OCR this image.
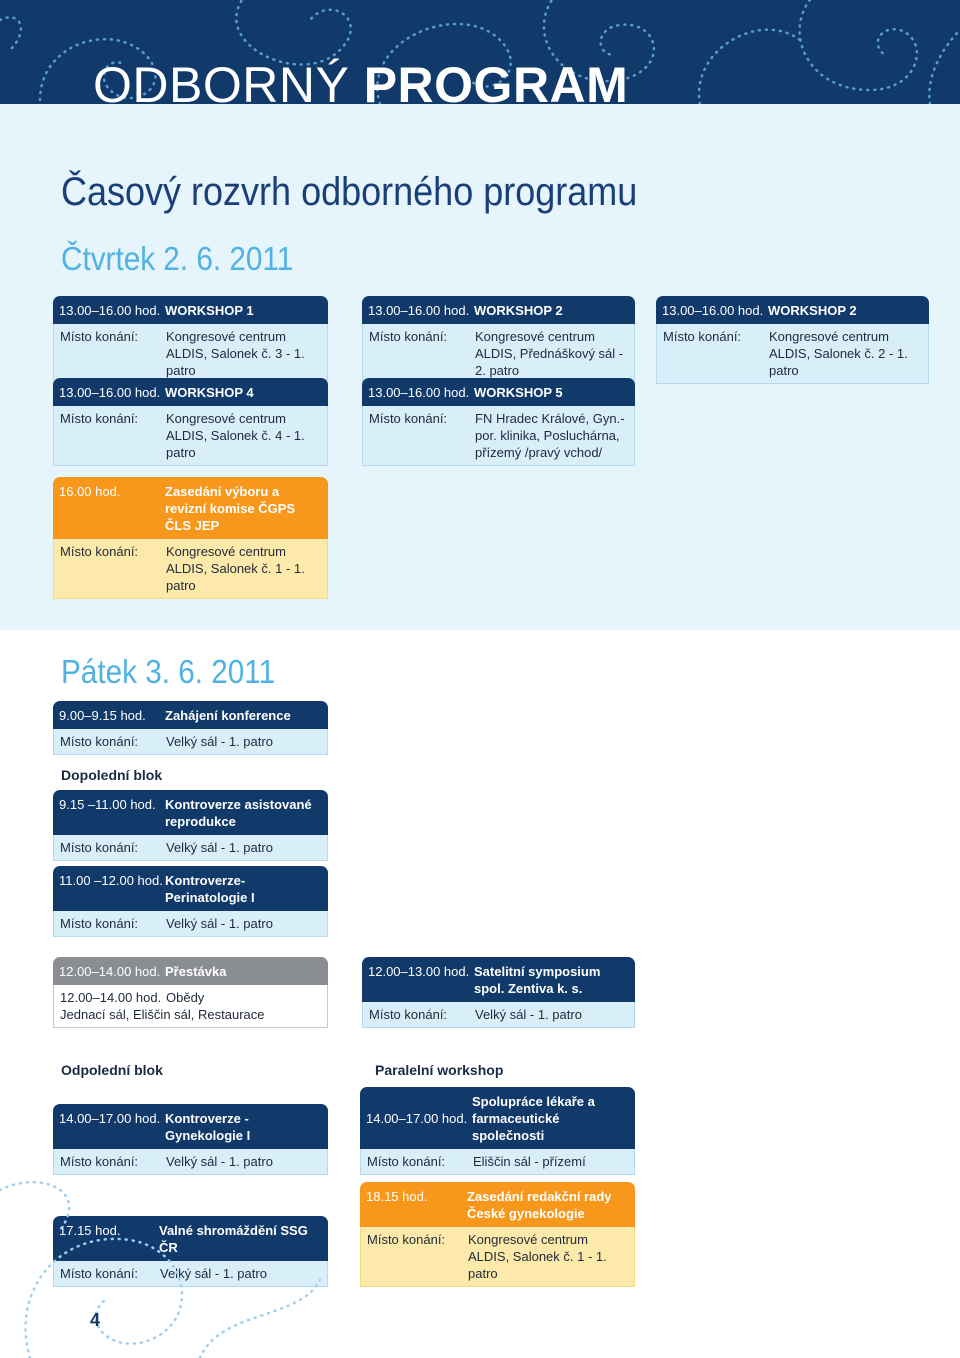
ODBORNÝ PROGRAM
Časový rozvrh odborného programu
Čtvrtek 2. 6. 2011
13.00–16.00 hod. WORKSHOP 1
Místo konání:	Kongresové centrum ALDIS, Salonek č. 3 - 1. patro
13.00–16.00 hod. WORKSHOP 2
Místo konání:	Kongresové centrum ALDIS, Přednáškový sál - 2. patro
13.00–16.00 hod. WORKSHOP 2
Místo konání:	Kongresové centrum ALDIS, Salonek č. 2 - 1. patro
13.00–16.00 hod. WORKSHOP 4
Místo konání:	Kongresové centrum ALDIS, Salonek č. 4 - 1. patro
13.00–16.00 hod. WORKSHOP 5
Místo konání:	FN Hradec Králové, Gyn.-por. klinika, Posluchárna, přízemý /pravý vchod/
16.00 hod.	Zasedání výboru a revizní komise ČGPS ČLS JEP
Místo konání:	Kongresové centrum ALDIS, Salonek č. 1 - 1. patro
Pátek 3. 6. 2011
9.00–9.15 hod.	Zahájení konference
Místo konání:	Velký sál - 1. patro
Dopolední blok
9.15 –11.00 hod. Kontroverze asistované reprodukce
Místo konání:	Velký sál - 1. patro
11.00 –12.00 hod. Kontroverze-Perinatologie I
Místo konání:	Velký sál - 1. patro
12.00–14.00 hod. Přestávka
12.00–14.00 hod. Obědy
Jednací sál, Eliščin sál, Restaurace
12.00–13.00 hod. Satelitní symposium spol. Zentiva k. s.
Místo konání:	Velký sál - 1. patro
Odpolední blok	Paralelní workshop
14.00–17.00 hod. Kontroverze - Gynekologie I
Místo konání:	Velký sál - 1. patro
14.00–17.00 hod.
Spolupráce lékaře a farmaceutické společnosti
Místo konání:	Eliščin sál - přízemí
17.15 hod.	Valné shromáždění SSG ČR
Místo konání:	Velký sál - 1. patro
18.15 hod.	Zasedání redakční rady České gynekologie
Místo konání:	Kongresové centrum ALDIS, Salonek č. 1 - 1. patro
4
